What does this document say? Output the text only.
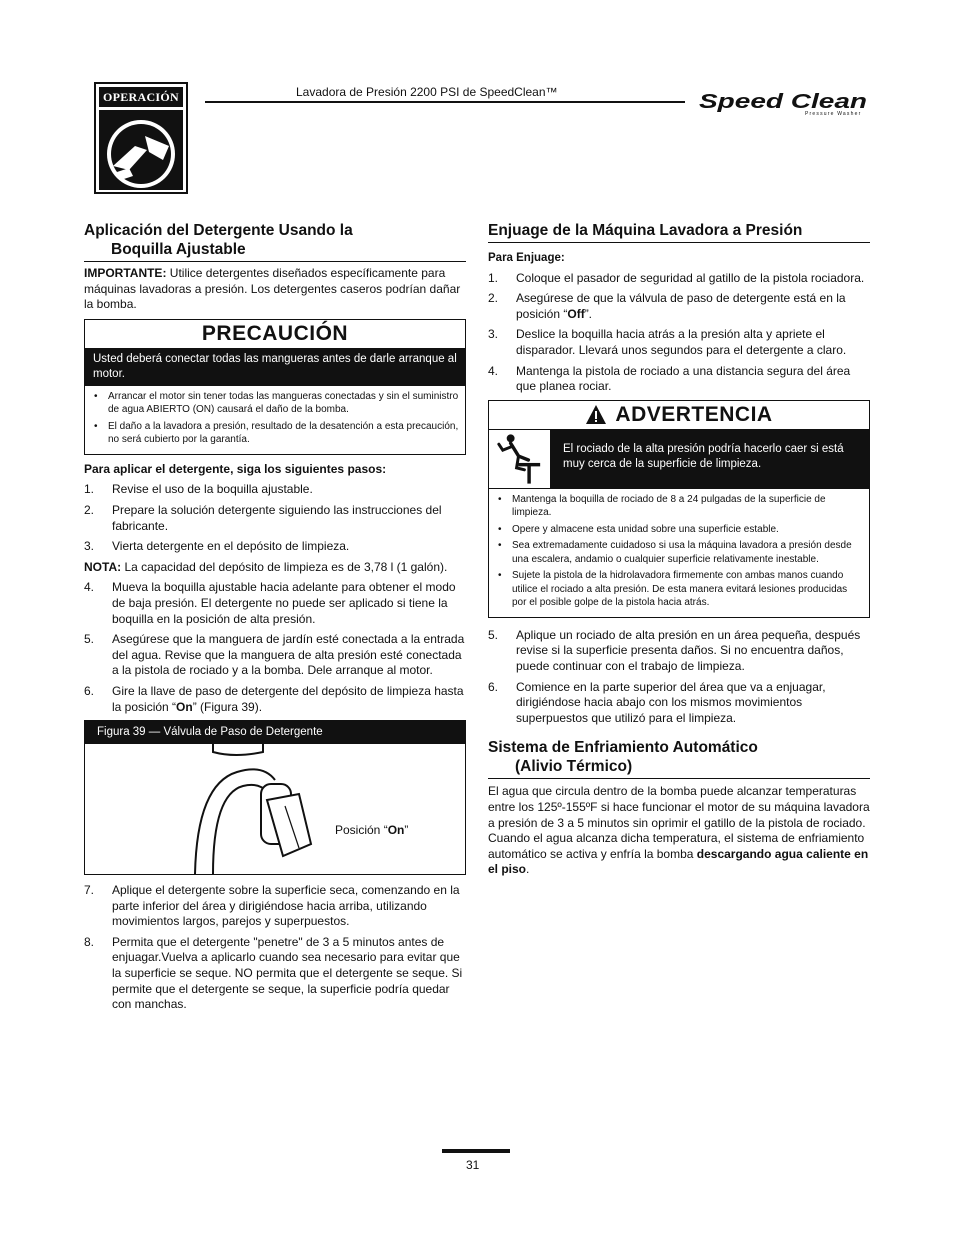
OPERACIÓN	Lavadora de Presión 2200 PSI de SpeedClean™	Speed Clean
Pressure Washer
Aplicación del Detergente Usando la
Boquilla Ajustable

IMPORTANTE: Utilice detergentes diseñados específicamente para máquinas lavadoras a presión. Los detergentes caseros podrían dañar la bomba.

PRECAUCIÓN
Usted deberá conectar todas las mangueras antes de darle arranque al motor.
• Arrancar el motor sin tener todas las mangueras conectadas y sin el suministro de agua ABIERTO (ON) causará el daño de la bomba.
• El daño a la lavadora a presión, resultado de la desatención a esta precaución, no será cubierto por la garantía.

Para aplicar el detergente, siga los siguientes pasos:

1. Revise el uso de la boquilla ajustable.
2. Prepare la solución detergente siguiendo las instrucciones del fabricante.
3. Vierta detergente en el depósito de limpieza.

NOTA: La capacidad del depósito de limpieza es de 3,78 l (1 galón).

4. Mueva la boquilla ajustable hacia adelante para obtener el modo de baja presión. El detergente no puede ser aplicado si tiene la boquilla en la posición de alta presión.
5. Asegúrese que la manguera de jardín esté conectada a la entrada del agua. Revise que la manguera de alta presión esté conectada a la pistola de rociado y a la bomba. Dele arranque al motor.
6. Gire la llave de paso de detergente del depósito de limpieza hasta la posición “On” (Figura 39).
Figura 39 — Válvula de Paso de Detergente
Posición “On”
7. Aplique el detergente sobre la superficie seca, comenzando en la parte inferior del área y dirigiéndose hacia arriba, utilizando movimientos largos, parejos y superpuestos.
8. Permita que el detergente "penetre" de 3 a 5 minutos antes de enjuagar.Vuelva a aplicarlo cuando sea necesario para evitar que la superficie se seque. NO permita que el detergente se seque. Si permite que el detergente se seque, la superficie podría quedar con manchas.
Enjuage de la Máquina Lavadora a Presión

Para Enjuage:

1. Coloque el pasador de seguridad al gatillo de la pistola rociadora.
2. Asegúrese de que la válvula de paso de detergente está en la posición “Off”.
3. Deslice la boquilla hacia atrás a la presión alta y apriete el disparador. Llevará unos segundos para el detergente a claro.
4. Mantenga la pistola de rociado a una distancia segura del área que planea rociar.
ADVERTENCIA
El rociado de la alta presión podría hacerlo caer si está muy cerca de la superficie de limpieza.
• Mantenga la boquilla de rociado de 8 a 24 pulgadas de la superficie de limpieza.
• Opere y almacene esta unidad sobre una superficie estable.
• Sea extremadamente cuidadoso si usa la máquina lavadora a presión desde una escalera, andamio o cualquier superficie relativamente inestable.
• Sujete la pistola de la hidrolavadora firmemente con ambas manos cuando utilice el rociado a alta presión. De esta manera evitará lesiones producidas por el posible golpe de la pistola hacia atrás.
5. Aplique un rociado de alta presión en un área pequeña, después revise si la superficie presenta daños. Si no encuentra daños, puede continuar con el trabajo de limpieza.
6. Comience en la parte superior del área que va a enjuagar, dirigiéndose hacia abajo con los mismos movimientos superpuestos que utilizó para el limpieza.
Sistema de Enfriamiento Automático
(Alivio Térmico)

El agua que circula dentro de la bomba puede alcanzar temperaturas entre los 125º-155ºF si hace funcionar el motor de su máquina lavadora a presión de 3 a 5 minutos sin oprimir el gatillo de la pistola de rociado. Cuando el agua alcanza dicha temperatura, el sistema de enfriamiento automático se activa y enfría la bomba descargando agua caliente en el piso.

31
